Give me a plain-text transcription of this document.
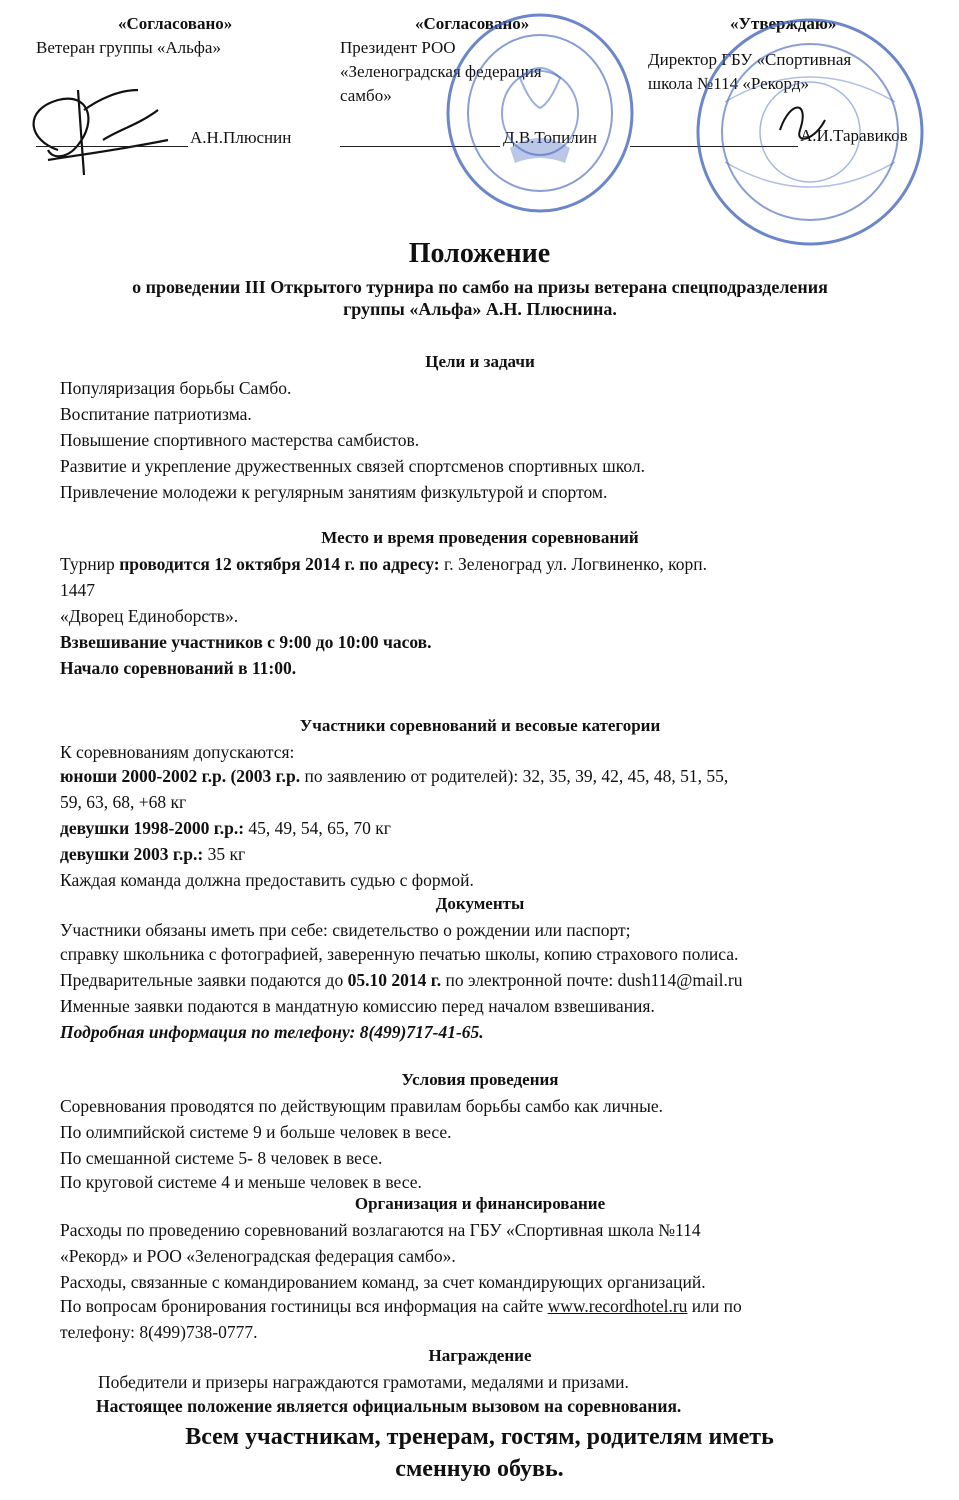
«Согласовано»
Ветеран группы «Альфа»
А.Н.Плюснин
«Согласовано»
Президент РОО
«Зеленоградская федерация
самбо»
Д.В.Топилин
«Утверждаю»
Директор ГБУ «Спортивная
школа №114 «Рекорд»
А.И.Таравиков
Положение
о проведении III Открытого турнира по самбо на призы ветерана спецподразделения
группы «Альфа» А.Н. Плюснина.
Цели и задачи
Популяризация борьбы Самбо.
Воспитание патриотизма.
Повышение спортивного мастерства самбистов.
Развитие и укрепление дружественных связей спортсменов спортивных школ.
Привлечение молодежи к регулярным занятиям физкультурой и спортом.
Место и время проведения соревнований
Турнир проводится 12 октября 2014 г. по адресу: г. Зеленоград ул. Логвиненко, корп.
1447
«Дворец Единоборств».
Взвешивание участников с 9:00 до 10:00 часов.
Начало соревнований в 11:00.
Участники соревнований и весовые категории
К соревнованиям допускаются:
юноши 2000-2002 г.р. (2003 г.р. по заявлению от родителей): 32, 35, 39, 42, 45, 48, 51, 55,
59, 63, 68, +68 кг
девушки 1998-2000 г.р.: 45, 49, 54, 65, 70 кг
девушки 2003 г.р.: 35 кг
Каждая команда должна предоставить судью с формой.
Документы
Участники обязаны иметь при себе: свидетельство о рождении или паспорт;
справку школьника с фотографией, заверенную печатью школы, копию страхового полиса.
Предварительные заявки подаются до 05.10 2014 г. по электронной почте: dush114@mail.ru
Именные заявки подаются в мандатную комиссию перед началом взвешивания.
Подробная информация по телефону: 8(499)717-41-65.
Условия проведения
Соревнования проводятся по действующим правилам борьбы самбо как личные.
По олимпийской системе 9 и больше человек в весе.
По смешанной системе 5- 8 человек в весе.
По круговой системе 4 и меньше человек в весе.
Организация и финансирование
Расходы по проведению соревнований возлагаются на ГБУ «Спортивная школа №114
«Рекорд» и РОО «Зеленоградская федерация самбо».
Расходы, связанные с командированием команд, за счет командирующих организаций.
По вопросам бронирования гостиницы вся информация на сайте www.recordhotel.ru или по
телефону: 8(499)738-0777.
Награждение
Победители и призеры награждаются грамотами, медалями и призами.
Настоящее положение является официальным вызовом на соревнования.
Всем участникам, тренерам, гостям, родителям иметь
сменную обувь.
